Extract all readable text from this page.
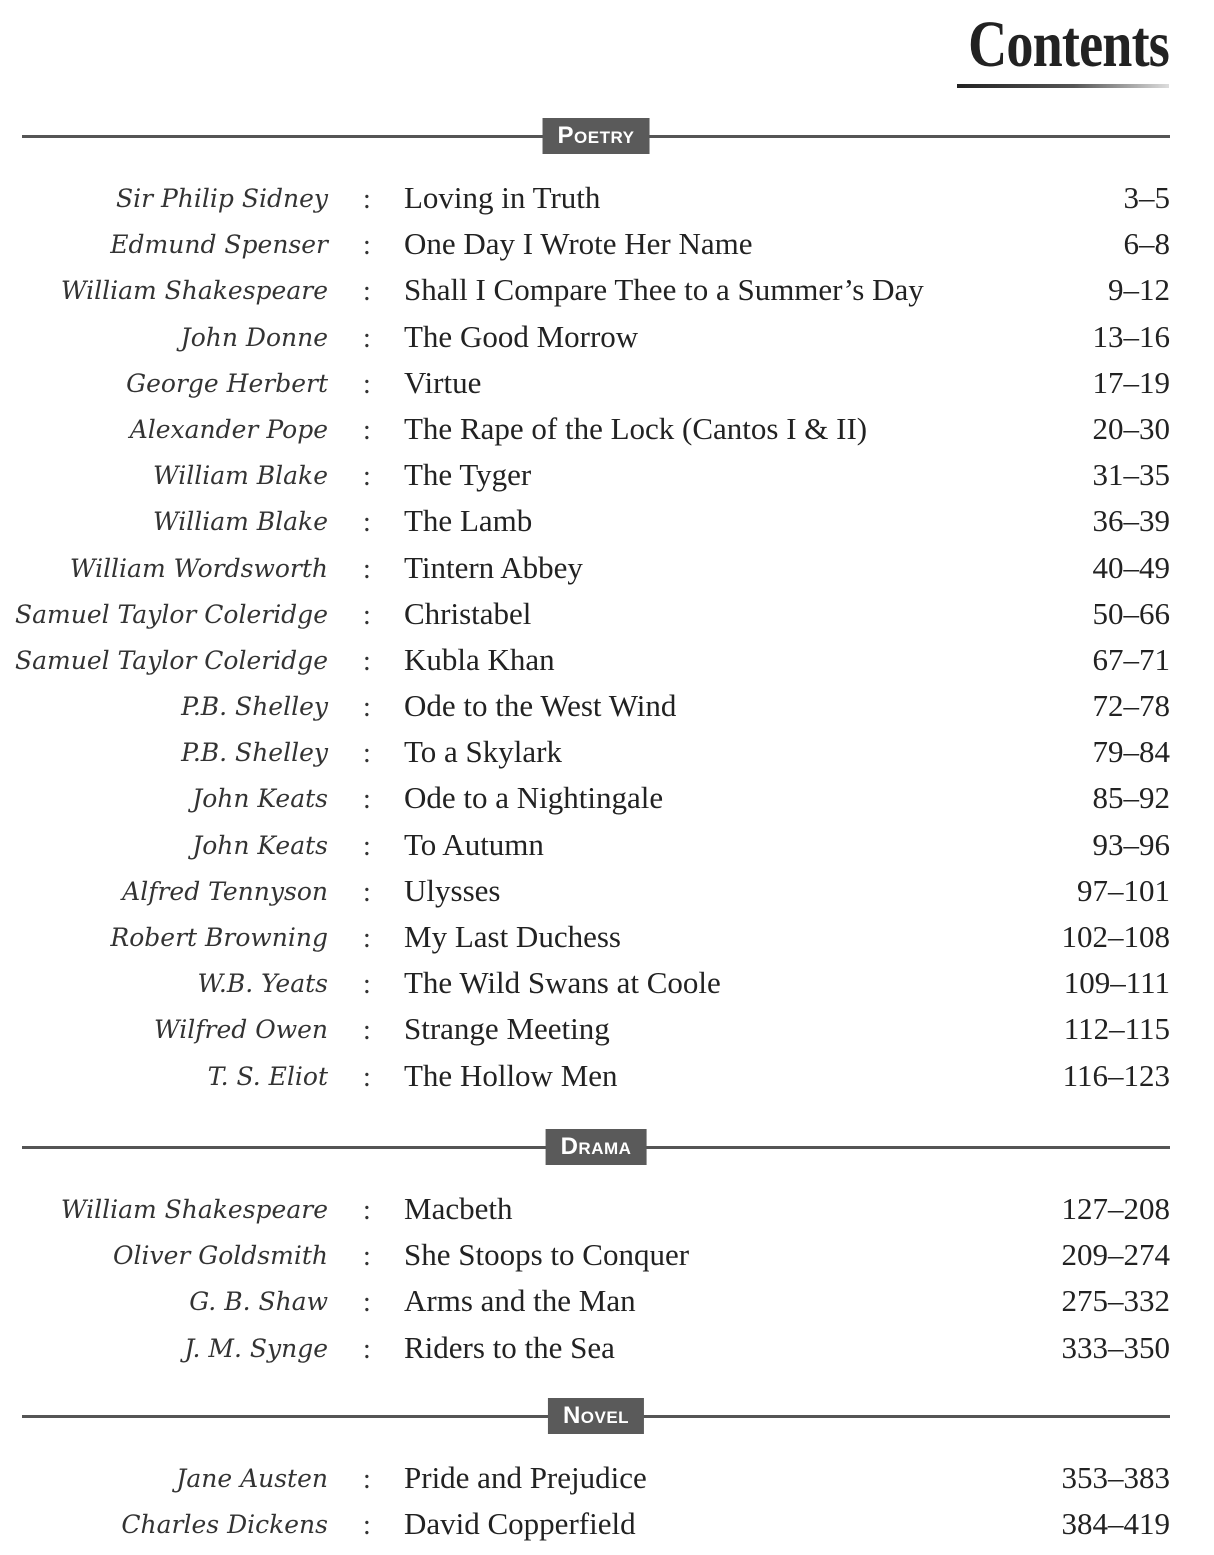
Contents
Poetry
Sir Philip Sidney : Loving in Truth	3–5
Edmund Spenser : One Day I Wrote Her Name	6–8
William Shakespeare : Shall I Compare Thee to a Summer’s Day	9–12
John Donne : The Good Morrow	13–16
George Herbert : Virtue	17–19
Alexander Pope : The Rape of the Lock (Cantos I & II)	20–30
William Blake : The Tyger	31–35
William Blake : The Lamb	36–39
William Wordsworth : Tintern Abbey	40–49
Samuel Taylor Coleridge : Christabel	50–66
Samuel Taylor Coleridge : Kubla Khan	67–71
P.B. Shelley : Ode to the West Wind	72–78
P.B. Shelley : To a Skylark	79–84
John Keats : Ode to a Nightingale	85–92
John Keats : To Autumn	93–96
Alfred Tennyson : Ulysses	97–101
Robert Browning : My Last Duchess	102–108
W.B. Yeats : The Wild Swans at Coole	109–111
Wilfred Owen : Strange Meeting	112–115
T. S. Eliot : The Hollow Men	116–123
Drama
William Shakespeare : Macbeth	127–208
Oliver Goldsmith : She Stoops to Conquer	209–274
G. B. Shaw : Arms and the Man	275–332
J. M. Synge : Riders to the Sea	333–350
Novel
Jane Austen : Pride and Prejudice	353–383
Charles Dickens : David Copperfield	384–419
